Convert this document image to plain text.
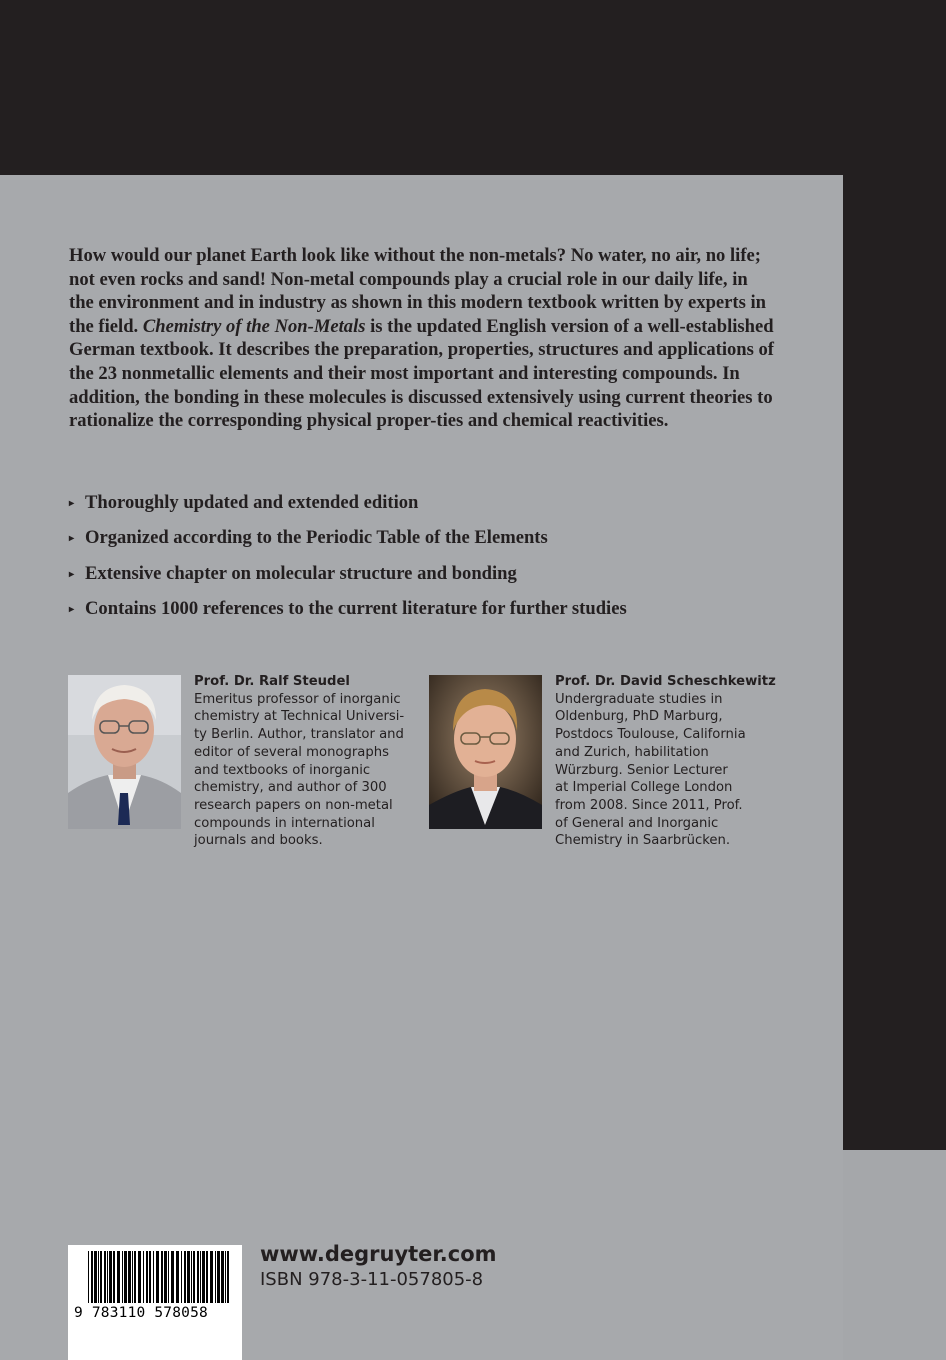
How would our planet Earth look like without the non-metals? No water, no air, no life; not even rocks and sand! Non-metal compounds play a crucial role in our daily life, in the environment and in industry as shown in this modern textbook written by experts in the field. Chemistry of the Non-Metals is the updated English version of a well-established German textbook. It describes the preparation, properties, structures and applications of the 23 nonmetallic elements and their most important and interesting compounds. In addition, the bonding in these molecules is discussed extensively using current theories to rationalize the corresponding physical proper-ties and chemical reactivities.

▸ Thoroughly updated and extended edition
▸ Organized according to the Periodic Table of the Elements
▸ Extensive chapter on molecular structure and bonding
▸ Contains 1000 references to the current literature for further studies
Prof. Dr. Ralf Steudel
Emeritus professor of inorganic
chemistry at Technical Universi-
ty Berlin. Author, translator and
editor of several monographs
and textbooks of inorganic
chemistry, and author of 300
research papers on non-metal
compounds in international
journals and books.
Prof. Dr. David Scheschkewitz
Undergraduate studies in
Oldenburg, PhD Marburg,
Postdocs Toulouse, California
and Zurich, habilitation
Würzburg. Senior Lecturer
at Imperial College London
from 2008. Since 2011, Prof.
of General and Inorganic
Chemistry in Saarbrücken.
9 783110 578058
www.degruyter.com
ISBN 978-3-11-057805-8
